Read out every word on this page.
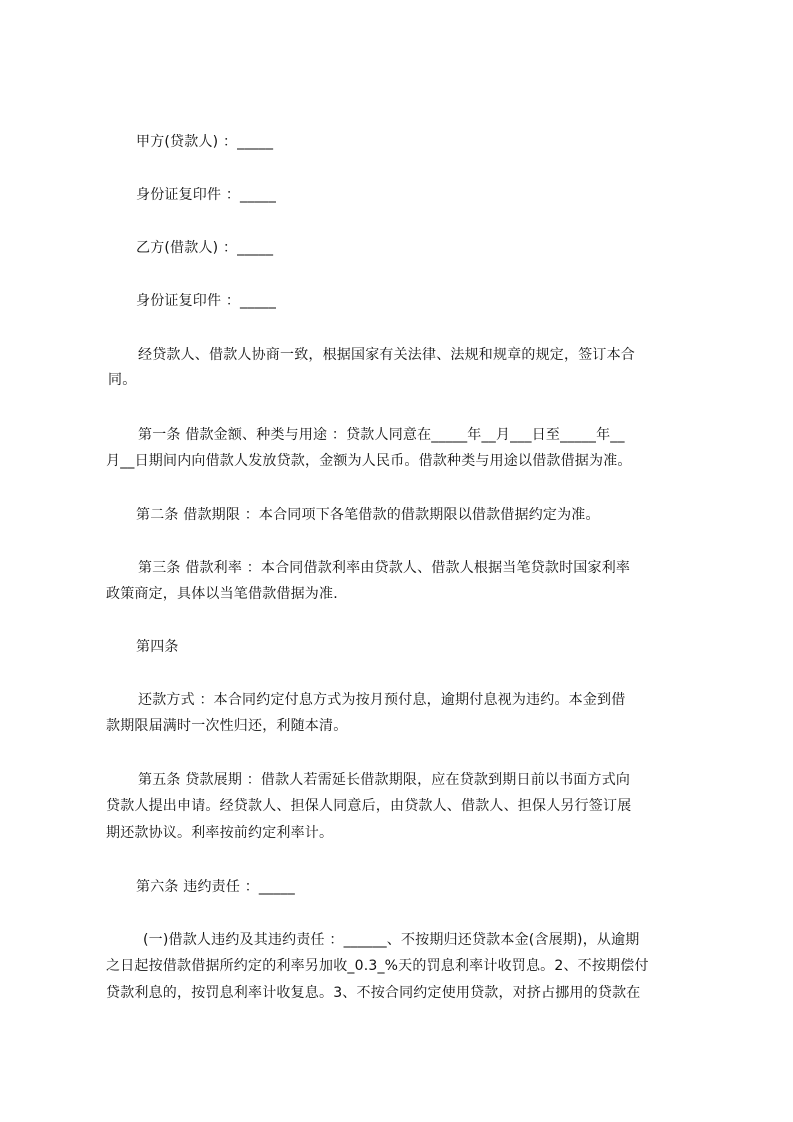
甲方(贷款人) ：_____
身份证复印件 ：_____
乙方(借款人) ：_____
身份证复印件 ：_____
经贷款人、借款人协商一致，根据国家有关法律、法规和规章的规定，签订本合
同。
第一条 借款金额、种类与用途 ：贷款人同意在_____年__月___日至_____年__
月__日期间内向借款人发放贷款，金额为人民币。借款种类与用途以借款借据为准。
第二条 借款期限 ：本合同项下各笔借款的借款期限以借款借据约定为准。
第三条 借款利率 ：本合同借款利率由贷款人、借款人根据当笔贷款时国家利率
政策商定，具体以当笔借款借据为准.
第四条
还款方式 ：本合同约定付息方式为按月预付息，逾期付息视为违约。本金到借
款期限届满时一次性归还，利随本清。
第五条 贷款展期 ：借款人若需延长借款期限，应在贷款到期日前以书面方式向
贷款人提出申请。经贷款人、担保人同意后，由贷款人、借款人、担保人另行签订展
期还款协议。利率按前约定利率计。
第六条 违约责任 ：_____
(一)借款人违约及其违约责任 ：______、不按期归还贷款本金(含展期)，从逾期
之日起按借款借据所约定的利率另加收_0.3_%天的罚息利率计收罚息。2、不按期偿付
贷款利息的，按罚息利率计收复息。3、不按合同约定使用贷款，对挤占挪用的贷款在
